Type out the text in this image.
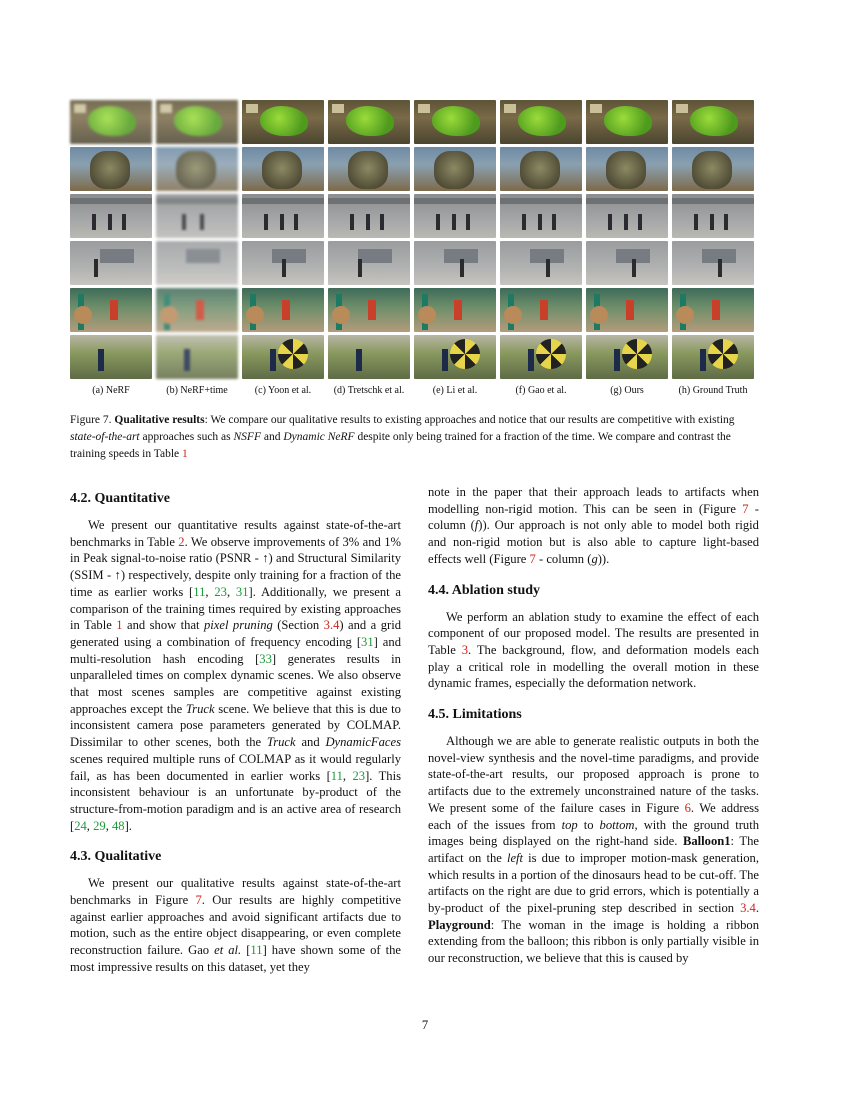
(a) NeRF	(b) NeRF+time	(c) Yoon et al.	(d) Tretschk et al.	(e) Li et al.	(f) Gao et al.	(g) Ours	(h) Ground Truth
Figure 7. Qualitative results: We compare our qualitative results to existing approaches and notice that our results are competitive with existing state-of-the-art approaches such as NSFF and Dynamic NeRF despite only being trained for a fraction of the time. We compare and contrast the training speeds in Table 1
4.2. Quantitative

We present our quantitative results against state-of-the-art benchmarks in Table 2. We observe improvements of 3% and 1% in Peak signal-to-noise ratio (PSNR - ↑) and Structural Similarity (SSIM - ↑) respectively, despite only training for a fraction of the time as earlier works [11, 23, 31]. Additionally, we present a comparison of the training times required by existing approaches in Table 1 and show that pixel pruning (Section 3.4) and a grid generated using a combination of frequency encoding [31] and multi-resolution hash encoding [33] generates results in unparalleled times on complex dynamic scenes. We also observe that most scenes samples are competitive against existing approaches except the Truck scene. We believe that this is due to inconsistent camera pose parameters generated by COLMAP. Dissimilar to other scenes, both the Truck and DynamicFaces scenes required multiple runs of COLMAP as it would regularly fail, as has been documented in earlier works [11, 23]. This inconsistent behaviour is an unfortunate by-product of the structure-from-motion paradigm and is an active area of research [24, 29, 48].

4.3. Qualitative

We present our qualitative results against state-of-the-art benchmarks in Figure 7. Our results are highly competitive against earlier approaches and avoid significant artifacts due to motion, such as the entire object disappearing, or even complete reconstruction failure. Gao et al. [11] have shown some of the most impressive results on this dataset, yet they

note in the paper that their approach leads to artifacts when modelling non-rigid motion. This can be seen in (Figure 7 - column (f)). Our approach is not only able to model both rigid and non-rigid motion but is also able to capture light-based effects well (Figure 7 - column (g)).

4.4. Ablation study

We perform an ablation study to examine the effect of each component of our proposed model. The results are presented in Table 3. The background, flow, and deformation models each play a critical role in modelling the overall motion in these dynamic frames, especially the deformation network.

4.5. Limitations

Although we are able to generate realistic outputs in both the novel-view synthesis and the novel-time paradigms, and provide state-of-the-art results, our proposed approach is prone to artifacts due to the extremely unconstrained nature of the tasks. We present some of the failure cases in Figure 6. We address each of the issues from top to bottom, with the ground truth images being displayed on the right-hand side. Balloon1: The artifact on the left is due to improper motion-mask generation, which results in a portion of the dinosaurs head to be cut-off. The artifacts on the right are due to grid errors, which is potentially a by-product of the pixel-pruning step described in section 3.4. Playground: The woman in the image is holding a ribbon extending from the balloon; this ribbon is only partially visible in our reconstruction, we believe that this is caused by

7
